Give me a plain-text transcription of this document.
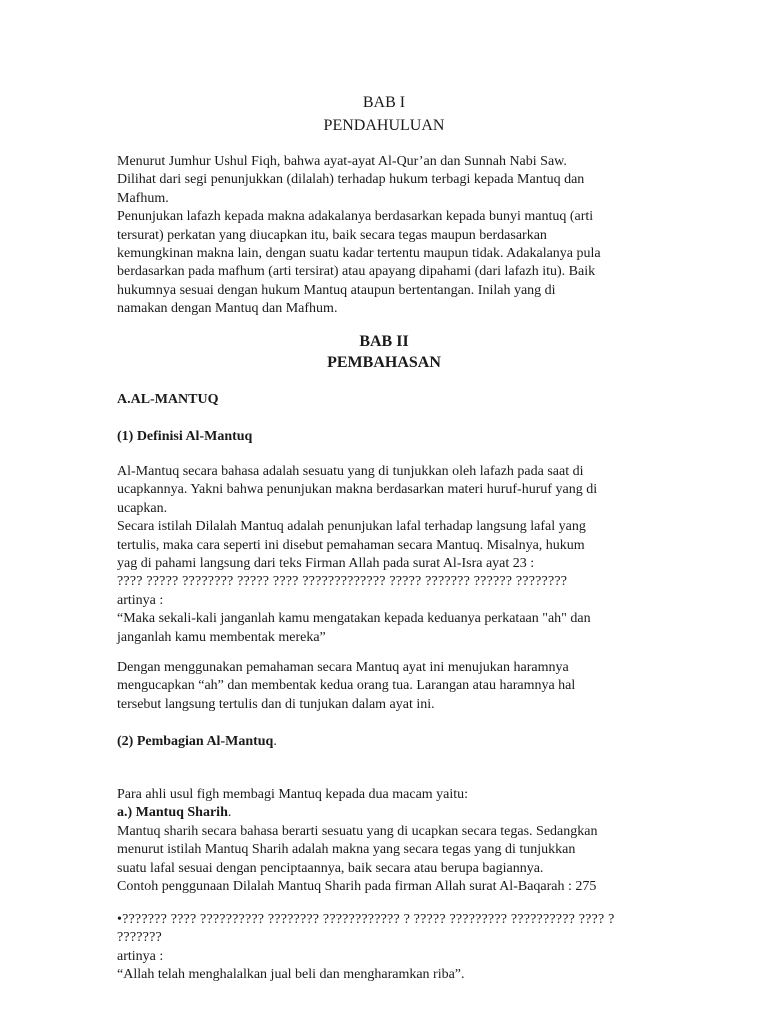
BAB I
PENDAHULUAN
Menurut Jumhur Ushul Fiqh, bahwa ayat-ayat Al-Qur’an dan Sunnah Nabi Saw.
Dilihat dari segi penunjukkan (dilalah) terhadap hukum terbagi kepada Mantuq dan
Mafhum.
Penunjukan lafazh kepada makna adakalanya berdasarkan kepada bunyi mantuq (arti
tersurat) perkatan yang diucapkan itu, baik secara tegas maupun berdasarkan
kemungkinan makna lain, dengan suatu kadar tertentu maupun tidak. Adakalanya pula
berdasarkan pada mafhum (arti tersirat) atau apayang dipahami (dari lafazh itu). Baik
hukumnya sesuai dengan hukum Mantuq ataupun bertentangan. Inilah yang di
namakan dengan Mantuq dan Mafhum.
BAB II
PEMBAHASAN
A.AL-MANTUQ
(1) Definisi Al-Mantuq
Al-Mantuq secara bahasa adalah sesuatu yang di tunjukkan oleh lafazh pada saat di
ucapkannya. Yakni bahwa penunjukan makna berdasarkan materi huruf-huruf yang di
ucapkan.
Secara istilah Dilalah Mantuq adalah penunjukan lafal terhadap langsung lafal yang
tertulis, maka cara seperti ini disebut pemahaman secara Mantuq. Misalnya, hukum
yag di pahami langsung dari teks Firman Allah pada surat Al-Isra ayat 23 :
???? ????? ???????? ????? ???? ????????????? ????? ??????? ?????? ????????
artinya :
“Maka sekali-kali janganlah kamu mengatakan kepada keduanya perkataan "ah" dan
janganlah kamu membentak mereka”
Dengan menggunakan pemahaman secara Mantuq ayat ini menujukan haramnya
mengucapkan “ah” dan membentak kedua orang tua. Larangan atau haramnya hal
tersebut langsung tertulis dan di tunjukan dalam ayat ini.
(2) Pembagian Al-Mantuq.
Para ahli usul figh membagi Mantuq kepada dua macam yaitu:
a.) Mantuq Sharih.
Mantuq sharih secara bahasa berarti sesuatu yang di ucapkan secara tegas. Sedangkan
menurut istilah Mantuq Sharih adalah makna yang secara tegas yang di tunjukkan
suatu lafal sesuai dengan penciptaannya, baik secara atau berupa bagiannya.
Contoh penggunaan Dilalah Mantuq Sharih pada firman Allah surat Al-Baqarah : 275
•??????? ???? ?????????? ???????? ???????????? ? ????? ????????? ?????????? ???? ?
???????
artinya :
“Allah telah menghalalkan jual beli dan mengharamkan riba”.
